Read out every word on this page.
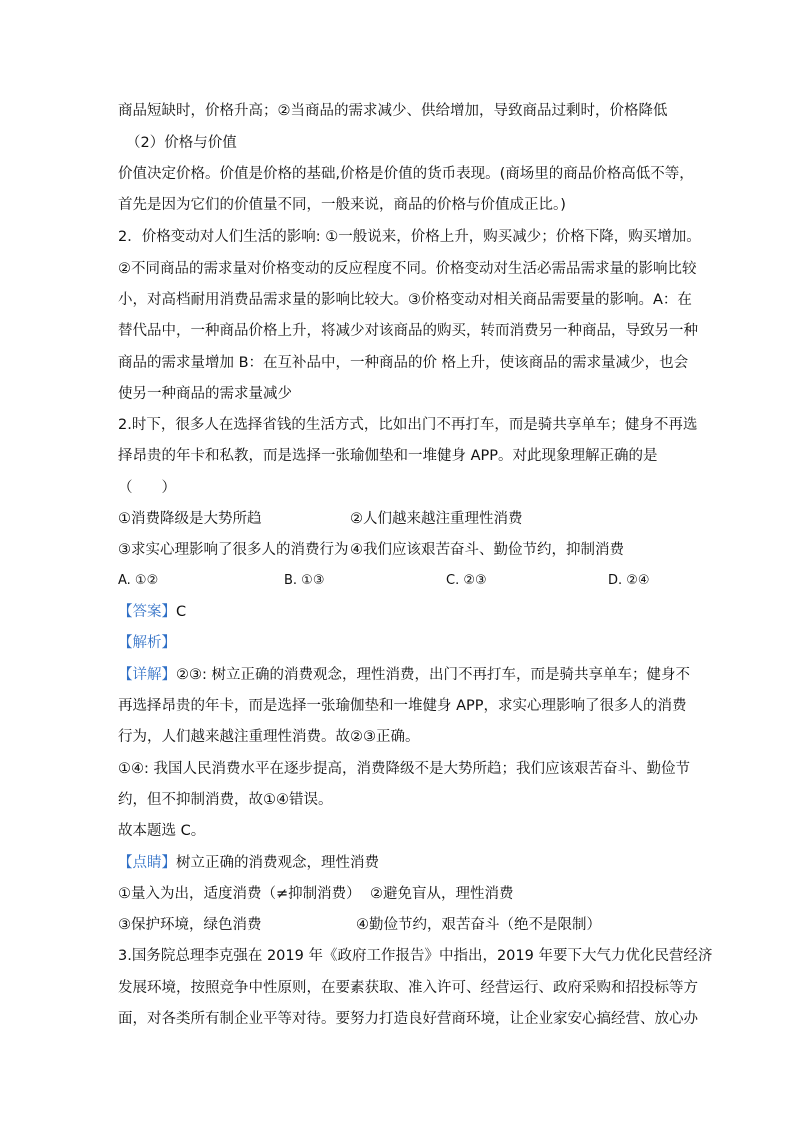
商品短缺时，价格升高；②当商品的需求减少、供给增加，导致商品过剩时，价格降低
（2）价格与价值
价值决定价格。价值是价格的基础,价格是价值的货币表现。(商场里的商品价格高低不等，
首先是因为它们的价值量不同，一般来说，商品的价格与价值成正比。)
2．价格变动对人们生活的影响: ①一般说来，价格上升，购买减少；价格下降，购买增加。
②不同商品的需求量对价格变动的反应程度不同。价格变动对生活必需品需求量的影响比较
小，对高档耐用消费品需求量的影响比较大。③价格变动对相关商品需要量的影响。A：在
替代品中，一种商品价格上升，将减少对该商品的购买，转而消费另一种商品，导致另一种
商品的需求量增加 B：在互补品中，一种商品的价 格上升，使该商品的需求量减少，也会
使另一种商品的需求量减少
2.时下，很多人在选择省钱的生活方式，比如出门不再打车，而是骑共享单车；健身不再选
择昂贵的年卡和私教，而是选择一张瑜伽垫和一堆健身 APP。对此现象理解正确的是
（　　）
①消费降级是大势所趋	②人们越来越注重理性消费
③求实心理影响了很多人的消费行为 ④我们应该艰苦奋斗、勤俭节约，抑制消费
A. ①②	B. ①③	C. ②③	D. ②④
【答案】C
【解析】
【详解】②③: 树立正确的消费观念，理性消费，出门不再打车，而是骑共享单车；健身不
再选择昂贵的年卡，而是选择一张瑜伽垫和一堆健身 APP，求实心理影响了很多人的消费
行为，人们越来越注重理性消费。故②③正确。
①④: 我国人民消费水平在逐步提高，消费降级不是大势所趋；我们应该艰苦奋斗、勤俭节
约，但不抑制消费，故①④错误。
故本题选 C。
【点睛】树立正确的消费观念，理性消费
①量入为出，适度消费（≠抑制消费） ②避免盲从，理性消费
③保护环境，绿色消费	④勤俭节约，艰苦奋斗（绝不是限制）
3.国务院总理李克强在 2019 年《政府工作报告》中指出，2019 年要下大气力优化民营经济
发展环境，按照竞争中性原则，在要素获取、准入许可、经营运行、政府采购和招投标等方
面，对各类所有制企业平等对待。要努力打造良好营商环境，让企业家安心搞经营、放心办
